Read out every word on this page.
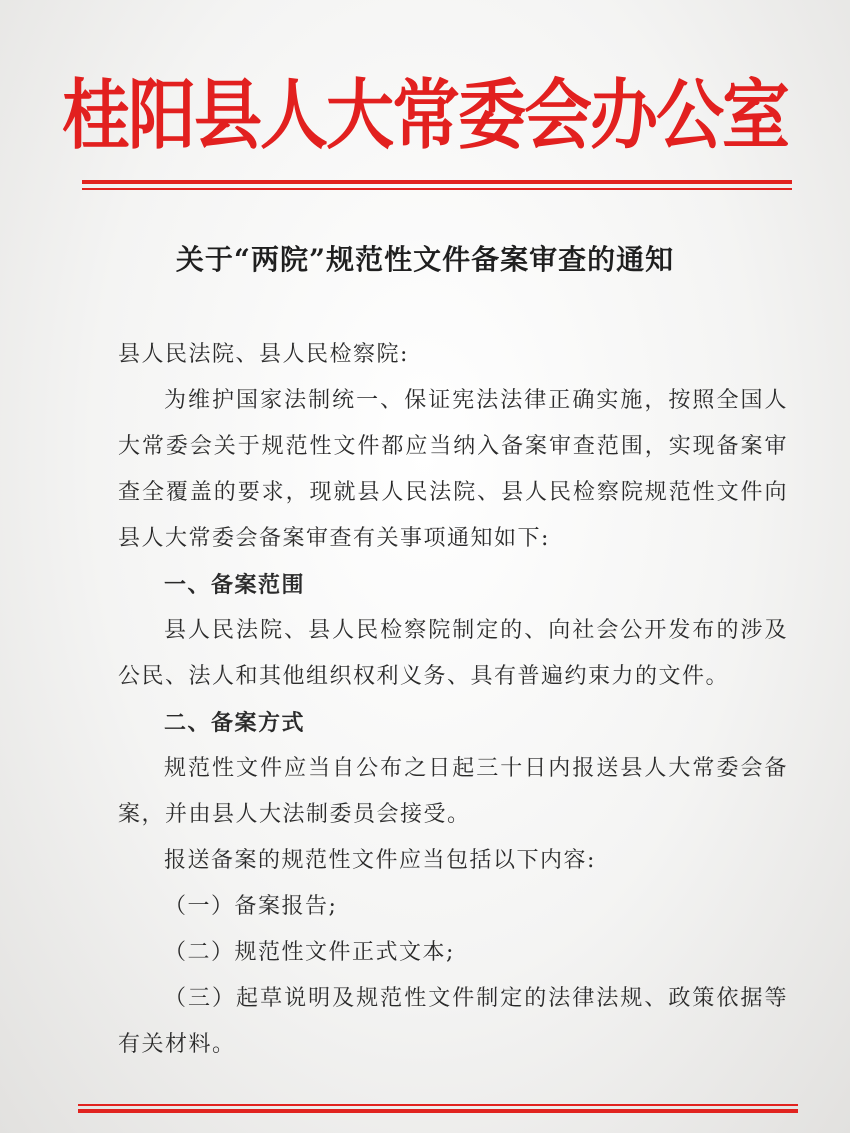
桂阳县人大常委会办公室
关于“两院”规范性文件备案审查的通知

县人民法院、县人民检察院:

为维护国家法制统一、保证宪法法律正确实施，按照全国人大常委会关于规范性文件都应当纳入备案审查范围，实现备案审查全覆盖的要求，现就县人民法院、县人民检察院规范性文件向县人大常委会备案审查有关事项通知如下:

一、备案范围

县人民法院、县人民检察院制定的、向社会公开发布的涉及公民、法人和其他组织权利义务、具有普遍约束力的文件。

二、备案方式

规范性文件应当自公布之日起三十日内报送县人大常委会备案，并由县人大法制委员会接受。

报送备案的规范性文件应当包括以下内容:

（一）备案报告;

（二）规范性文件正式文本;

（三）起草说明及规范性文件制定的法律法规、政策依据等有关材料。
